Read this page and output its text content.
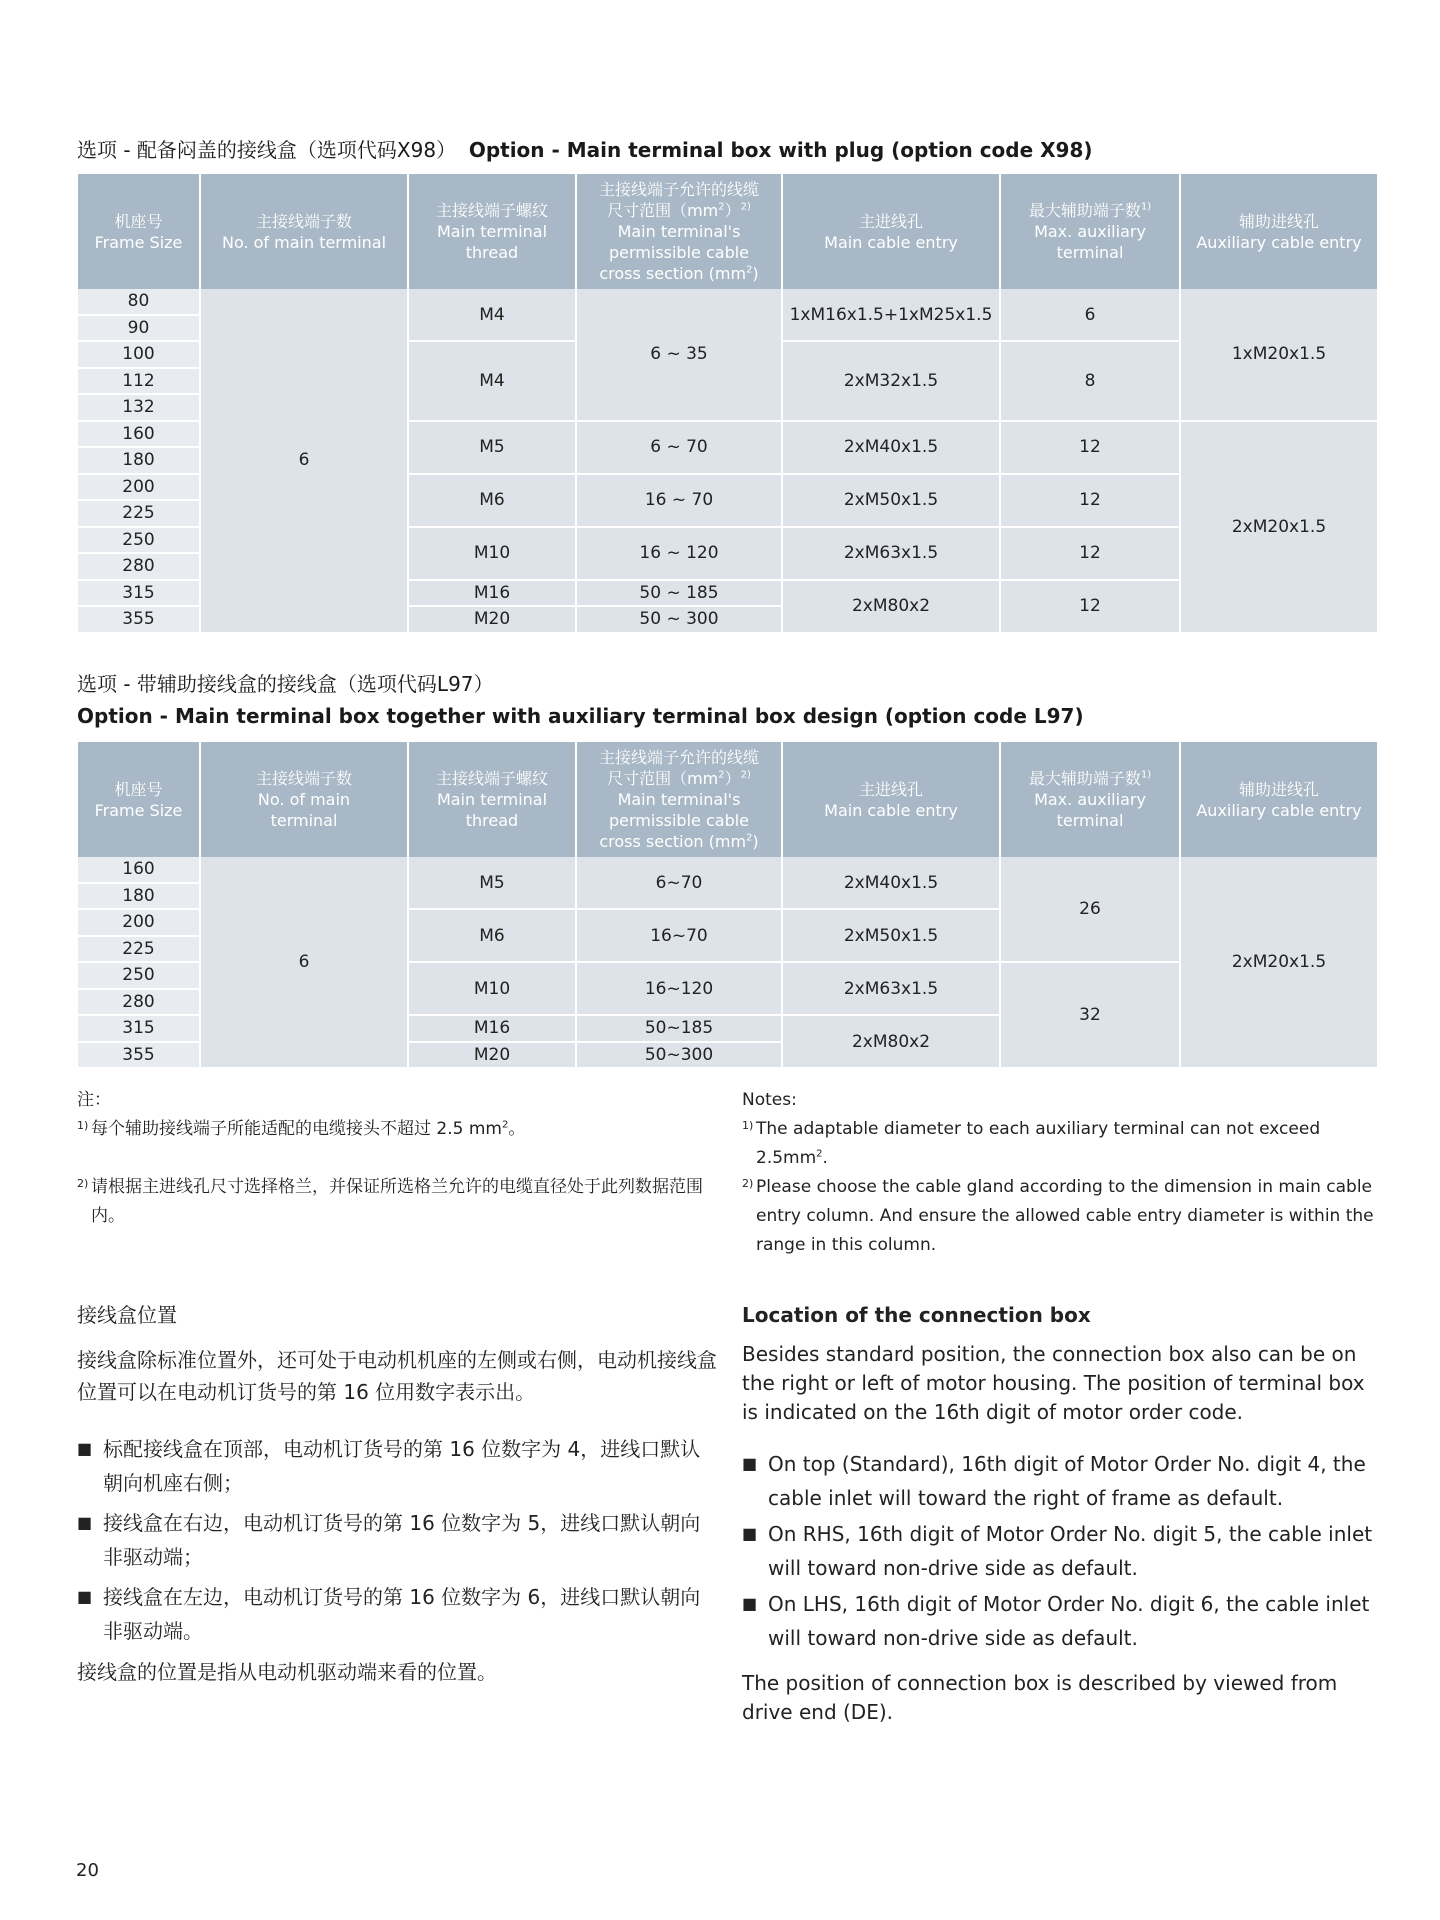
选项 - 配备闷盖的接线盒（选项代码X98） Option - Main terminal box with plug (option code X98)
机座号
Frame Size	主接线端子数
No. of main terminal	主接线端子螺纹
Main terminal
thread	主接线端子允许的线缆
尺寸范围$(mm^2)^{2)}$
Main terminal's
permissible cable
cross section $(mm^2)$	主进线孔
Main cable entry	最大辅助端子数$^{1)}$
Max. auxiliary
terminal	辅助进线孔
Auxiliary cable entry
80	6	M4	6 ~ 35	1xM16x1.5+1xM25x1.5	6	1xM20x1.5
90						
100		M4		2xM32x1.5	8	
112						
132						
160		M5	6 ~ 70	2xM40x1.5	12	2xM20x1.5
180						
200		M6	16 ~ 70	2xM50x1.5	12	
225						
250		M10	16 ~ 120	2xM63x1.5	12	
280						
315		M16	50 ~ 185	2xM80x2	12	
355		M20	50 ~ 300			
选项 - 带辅助接线盒的接线盒（选项代码L97）
Option - Main terminal box together with auxiliary terminal box design (option code L97)
机座号
Frame Size	主接线端子数
No. of main
terminal	主接线端子螺纹
Main terminal
thread	主接线端子允许的线缆
尺寸范围$(mm^2)^{2)}$
Main terminal's
permissible cable
cross section $(mm^2)$	主进线孔
Main cable entry	最大辅助端子数$^{1)}$
Max. auxiliary
terminal	辅助进线孔
Auxiliary cable entry
160	6	M5	6~70	2xM40x1.5	26	2xM20x1.5
180						
200		M6	16~70	2xM50x1.5		
225						
250		M10	16~120	2xM63x1.5	32	
280						
315		M16	50~185	2xM80x2		
355		M20	50~300			

注：

1) 每个辅助接线端子所能适配的电缆接头不超过 2.5 $mm^2$。
2) 请根据主进线孔尺寸选择格兰，并保证所选格兰允许的电缆直径处于此列数据范围内。

Notes:

1) The adaptable diameter to each auxiliary terminal can not exceed $2.5mm^2$.
2) Please choose the cable gland according to the dimension in main cable entry column. And ensure the allowed cable entry diameter is within the range in this column.

接线盒位置

接线盒除标准位置外，还可处于电动机机座的左侧或右侧，电动机接线盒位置可以在电动机订货号的第 16 位用数字表示出。

■ 标配接线盒在顶部，电动机订货号的第 16 位数字为 4，进线口默认朝向机座右侧；
■ 接线盒在右边，电动机订货号的第 16 位数字为 5，进线口默认朝向非驱动端；
■ 接线盒在左边，电动机订货号的第 16 位数字为 6，进线口默认朝向非驱动端。

接线盒的位置是指从电动机驱动端来看的位置。

Location of the connection box

Besides standard position, the connection box also can be on the right or left of motor housing. The position of terminal box is indicated on the 16th digit of motor order code.

■ On top (Standard), 16th digit of Motor Order No. digit 4, the cable inlet will toward the right of frame as default.
■ On RHS, 16th digit of Motor Order No. digit 5, the cable inlet will toward non-drive side as default.
■ On LHS, 16th digit of Motor Order No. digit 6, the cable inlet will toward non-drive side as default.

The position of connection box is described by viewed from drive end (DE).

20
